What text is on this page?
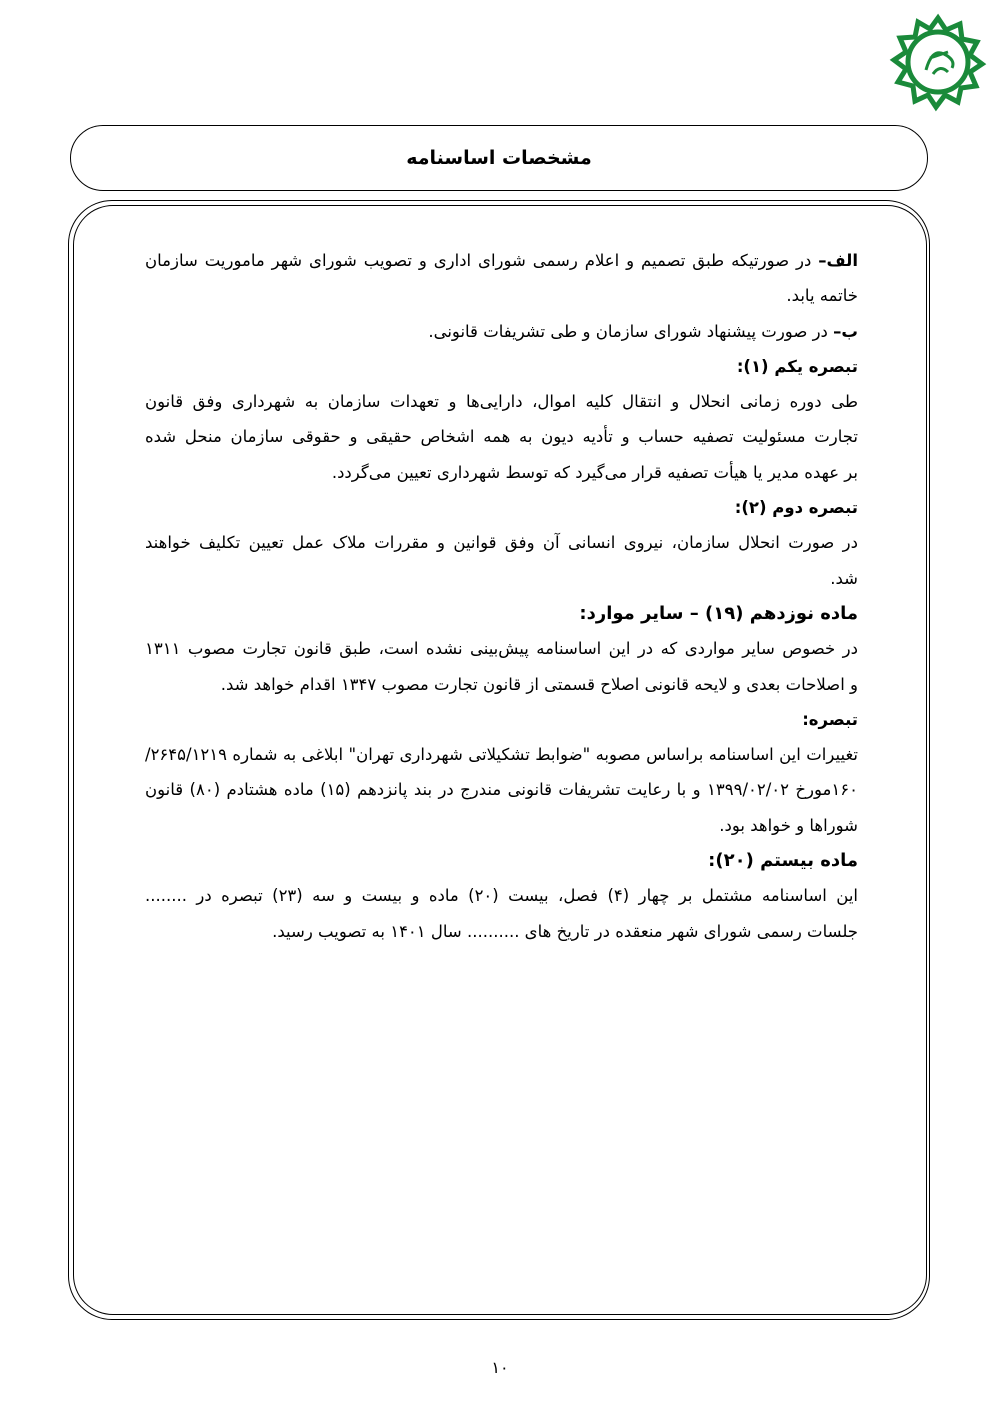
مشخصات اساسنامه
الف– در صورتیکه طبق تصمیم و اعلام رسمی شورای اداری و تصویب شورای شهر ماموریت سازمان
خاتمه یابد.
ب– در صورت پیشنهاد شورای سازمان و طی تشریفات قانونی.
تبصره یکم (۱):
طی دوره زمانی انحلال و انتقال کلیه اموال، دارایی‌ها و تعهدات سازمان به شهرداری وفق قانون
تجارت مسئولیت تصفیه حساب و تأدیه دیون به همه اشخاص حقیقی و حقوقی سازمان منحل شده
بر عهده مدیر یا هیأت تصفیه قرار می‌گیرد که توسط شهرداری تعیین می‌گردد.
تبصره دوم (۲):
در صورت انحلال سازمان، نیروی انسانی آن وفق قوانین و مقررات ملاک عمل تعیین تکلیف خواهند
شد.
ماده نوزدهم (۱۹) – سایر موارد:
در خصوص سایر مواردی که در این اساسنامه پیش‌بینی نشده است، طبق قانون تجارت مصوب ۱۳۱۱
و اصلاحات بعدی و لایحه قانونی اصلاح قسمتی از قانون تجارت مصوب ۱۳۴۷ اقدام خواهد شد.
تبصره:
تغییرات این اساسنامه براساس مصوبه "ضوابط تشکیلاتی شهرداری تهران" ابلاغی به شماره ۲۶۴۵/۱۲۱۹/
۱۶۰مورخ ۱۳۹۹/۰۲/۰۲ و با رعایت تشریفات قانونی مندرج در بند پانزدهم (۱۵) ماده هشتادم (۸۰) قانون
شوراها و خواهد بود.
ماده بیستم (۲۰):
این اساسنامه مشتمل بر چهار (۴) فصل، بیست (۲۰) ماده و بیست و سه (۲۳) تبصره در ........
جلسات رسمی شورای شهر منعقده در تاریخ های .......... سال ۱۴۰۱ به تصویب رسید.
۱۰
